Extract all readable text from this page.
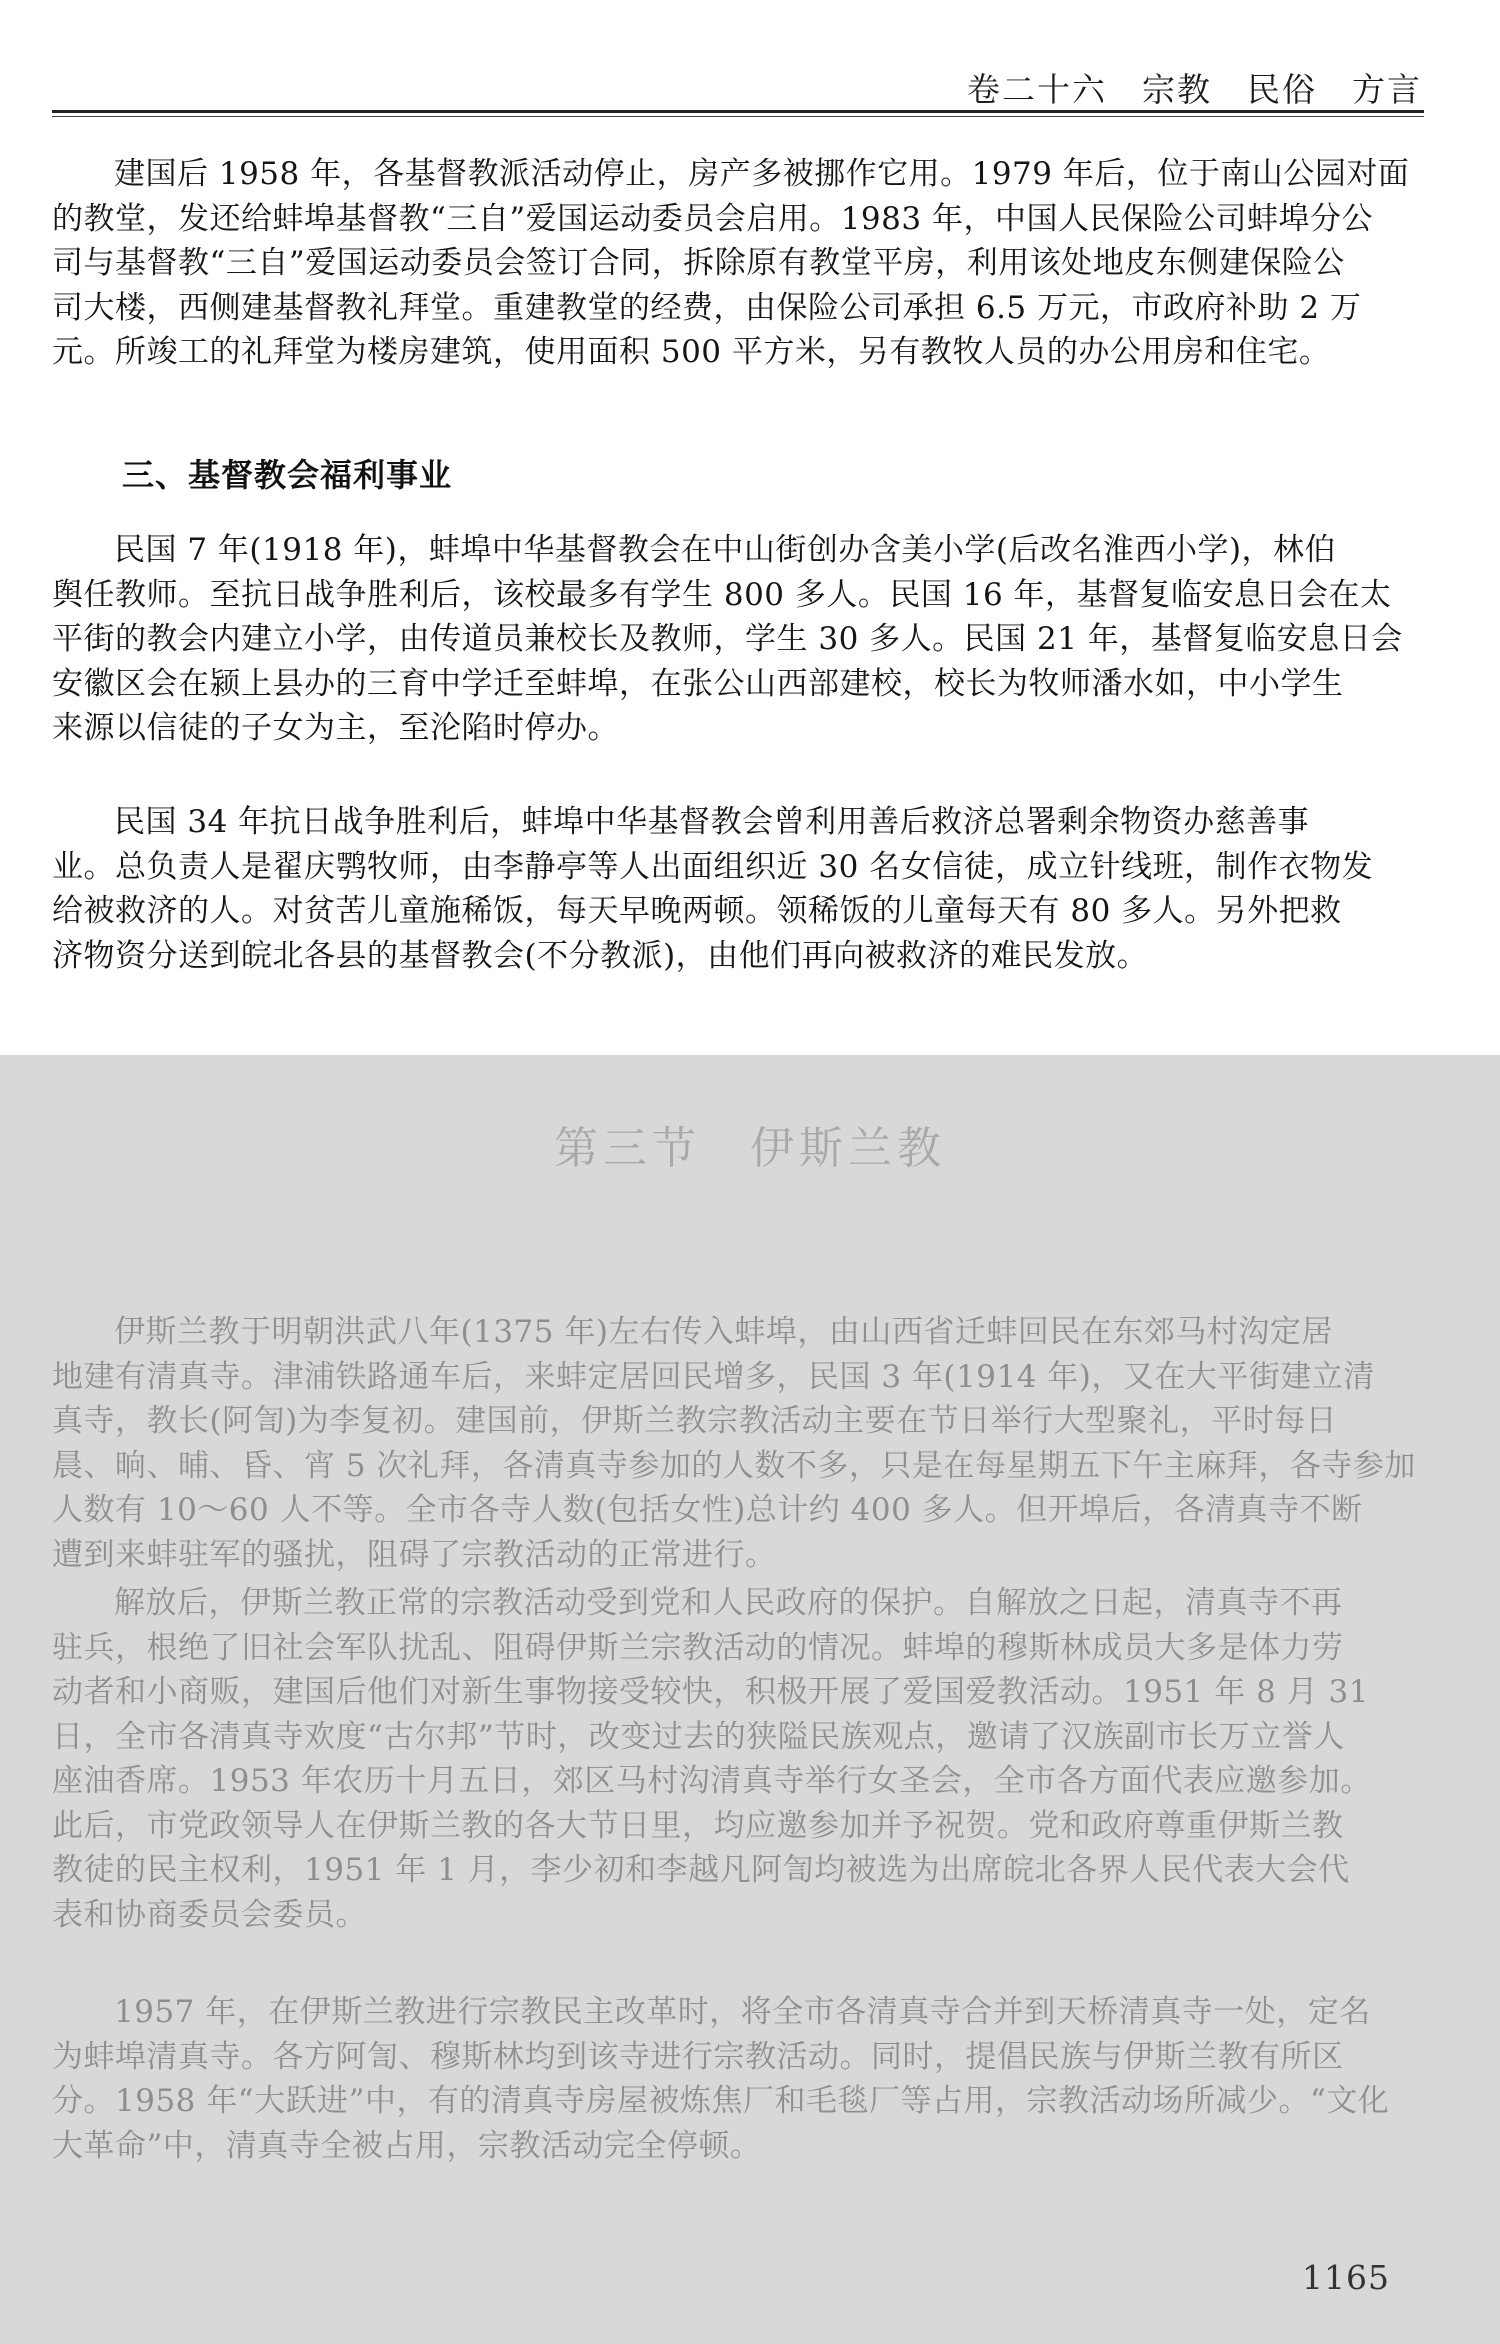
卷二十六　宗教　民俗　方言

建国后 1958 年，各基督教派活动停止，房产多被挪作它用。1979 年后，位于南山公园对面
的教堂，发还给蚌埠基督教“三自”爱国运动委员会启用。1983 年，中国人民保险公司蚌埠分公
司与基督教“三自”爱国运动委员会签订合同，拆除原有教堂平房，利用该处地皮东侧建保险公
司大楼，西侧建基督教礼拜堂。重建教堂的经费，由保险公司承担 6.5 万元，市政府补助 2 万
元。所竣工的礼拜堂为楼房建筑，使用面积 500 平方米，另有教牧人员的办公用房和住宅。

三、基督教会福利事业

民国 7 年(1918 年)，蚌埠中华基督教会在中山街创办含美小学(后改名淮西小学)，林伯
舆任教师。至抗日战争胜利后，该校最多有学生 800 多人。民国 16 年，基督复临安息日会在太
平街的教会内建立小学，由传道员兼校长及教师，学生 30 多人。民国 21 年，基督复临安息日会
安徽区会在颍上县办的三育中学迁至蚌埠，在张公山西部建校，校长为牧师潘水如，中小学生
来源以信徒的子女为主，至沦陷时停办。

民国 34 年抗日战争胜利后，蚌埠中华基督教会曾利用善后救济总署剩余物资办慈善事
业。总负责人是翟庆鹗牧师，由李静亭等人出面组织近 30 名女信徒，成立针线班，制作衣物发
给被救济的人。对贫苦儿童施稀饭，每天早晚两顿。领稀饭的儿童每天有 80 多人。另外把救
济物资分送到皖北各县的基督教会(不分教派)，由他们再向被救济的难民发放。

第三节　伊斯兰教

伊斯兰教于明朝洪武八年(1375 年)左右传入蚌埠，由山西省迁蚌回民在东郊马村沟定居
地建有清真寺。津浦铁路通车后，来蚌定居回民增多，民国 3 年(1914 年)，又在大平街建立清
真寺，教长(阿訇)为李复初。建国前，伊斯兰教宗教活动主要在节日举行大型聚礼，平时每日
晨、晌、晡、昏、宵 5 次礼拜，各清真寺参加的人数不多，只是在每星期五下午主麻拜，各寺参加
人数有 10～60 人不等。全市各寺人数(包括女性)总计约 400 多人。但开埠后，各清真寺不断
遭到来蚌驻军的骚扰，阻碍了宗教活动的正常进行。

解放后，伊斯兰教正常的宗教活动受到党和人民政府的保护。自解放之日起，清真寺不再
驻兵，根绝了旧社会军队扰乱、阻碍伊斯兰宗教活动的情况。蚌埠的穆斯林成员大多是体力劳
动者和小商贩，建国后他们对新生事物接受较快，积极开展了爱国爱教活动。1951 年 8 月 31
日，全市各清真寺欢度“古尔邦”节时，改变过去的狭隘民族观点，邀请了汉族副市长万立誉人
座油香席。1953 年农历十月五日，郊区马村沟清真寺举行女圣会，全市各方面代表应邀参加。
此后，市党政领导人在伊斯兰教的各大节日里，均应邀参加并予祝贺。党和政府尊重伊斯兰教
教徒的民主权利，1951 年 1 月，李少初和李越凡阿訇均被选为出席皖北各界人民代表大会代
表和协商委员会委员。

1957 年，在伊斯兰教进行宗教民主改革时，将全市各清真寺合并到天桥清真寺一处，定名
为蚌埠清真寺。各方阿訇、穆斯林均到该寺进行宗教活动。同时，提倡民族与伊斯兰教有所区
分。1958 年“大跃进”中，有的清真寺房屋被炼焦厂和毛毯厂等占用，宗教活动场所减少。“文化
大革命”中，清真寺全被占用，宗教活动完全停顿。

1165
